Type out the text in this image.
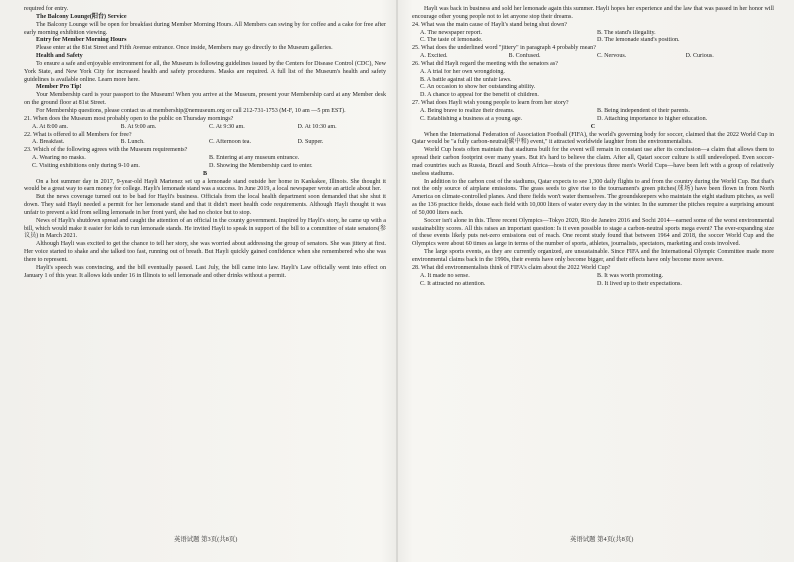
required for entry.

The Balcony Lounge(阳台) Service

The Balcony Lounge will be open for breakfast during Member Morning Hours. All Members can swing by for coffee and a cake for free after early morning exhibition viewing.

Entry for Member Morning Hours

Please enter at the 81st Street and Fifth Avenue entrance. Once inside, Members may go directly to the Museum galleries.

Health and Safety

To ensure a safe and enjoyable environment for all, the Museum is following guidelines issued by the Centers for Disease Control (CDC), New York State, and New York City for increased health and safety procedures. Masks are required. A full list of the Museum's health and safety guidelines is available online. Learn more here.

Member Pro Tip!

Your Membership card is your passport to the Museum! When you arrive at the Museum, present your Membership card at any Member desk on the ground floor at 81st Street.

For Membership questions, please contact us at membership@nemuseum.org or call 212-731-1753 (M-F, 10 am —5 pm EST).

21. When does the Museum most probably open to the public on Thursday mornings?

A. At 8:00 am.	B. At 9:00 am.	C. At 9:30 am.	D. At 10:30 am.

22. What is offered to all Members for free?

A. Breakfast.	B. Lunch.	C. Afternoon tea.	D. Supper.

23. Which of the following agrees with the Museum requirements?

A. Wearing no masks.	B. Entering at any museum entrance.
C. Visiting exhibitions only during 9-10 am.	D. Showing the Membership card to enter.

B

On a hot summer day in 2017, 9-year-old Hayli Martenez set up a lemonade stand outside her home in Kankakee, Illinois. She thought it would be a great way to earn money for college. Hayli's lemonade stand was a success. In June 2019, a local newspaper wrote an article about her.

But the news coverage turned out to be bad for Hayli's business. Officials from the local health department soon demanded that she shut it down. They said Hayli needed a permit for her lemonade stand and that it didn't meet health code requirements. Although Hayli thought it was unfair to prevent a kid from selling lemonade in her front yard, she had no choice but to stop.

News of Hayli's shutdown spread and caught the attention of an official in the county government. Inspired by Hayli's story, he came up with a bill, which would make it easier for kids to run lemonade stands. He invited Hayli to speak in support of the bill to a committee of state senators(参议员) in March 2021.

Although Hayli was excited to get the chance to tell her story, she was worried about addressing the group of senators. She was jittery at first. Her voice started to shake and she talked too fast, running out of breath. But Hayli quickly gained confidence when she remembered who she was there to represent.

Hayli's speech was convincing, and the bill eventually passed. Last July, the bill came into law. Hayli's Law officially went into effect on January 1 of this year. It allows kids under 16 in Illinois to sell lemonade and other drinks without a permit.

英语试题 第3页(共8页)

Hayli was back in business and sold her lemonade again this summer. Hayli hopes her experience and the law that was passed in her honor will encourage other young people not to let anyone stop their dreams.

24. What was the main cause of Hayli's stand being shut down?

A. The newspaper report.	B. The stand's illegality.
C. The taste of lemonade.	D. The lemonade stand's position.

25. What does the underlined word "jittery" in paragraph 4 probably mean?

A. Excited.	B. Confused.	C. Nervous.	D. Curious.

26. What did Hayli regard the meeting with the senators as?

A. A trial for her own wrongdoing.
B. A battle against all the unfair laws.
C. An occasion to show her outstanding ability.
D. A chance to appeal for the benefit of children.

27. What does Hayli wish young people to learn from her story?

A. Being brave to realize their dreams.	B. Being independent of their parents.
C. Establishing a business at a young age.	D. Attaching importance to higher education.

C

When the International Federation of Association Football (FIFA), the world's governing body for soccer, claimed that the 2022 World Cup in Qatar would be "a fully carbon-neutral(碳中和) event," it attracted worldwide laughter from the environmentalists.

World Cup hosts often maintain that stadiums built for the event will remain in constant use after its conclusion—a claim that allows them to spread their carbon footprint over many years. But it's hard to believe the claim. After all, Qatari soccer culture is still undeveloped. Even soccer-mad countries such as Russia, Brazil and South Africa—hosts of the previous three men's World Cups—have been left with a group of relatively useless stadiums.

In addition to the carbon cost of the stadiums, Qatar expects to see 1,300 daily flights to and from the country during the World Cup. But that's not the only source of airplane emissions. The grass seeds to give rise to the tournament's green pitches(球场) have been flown in from North America on climate-controlled planes. And there fields won't water themselves. The groundskeepers who maintain the eight stadium pitches, as well as the 136 practice fields, douse each field with 10,000 liters of water every day in the winter. In the summer the pitches require a surprising amount of 50,000 liters each.

Soccer isn't alone in this. Three recent Olympics—Tokyo 2020, Rio de Janeiro 2016 and Sochi 2014—earned some of the worst environmental sustainability scores. All this raises an important question: Is it even possible to stage a carbon-neutral sports mega event? The ever-expanding size of these events likely puts net-zero emissions out of reach. One recent study found that between 1964 and 2018, the soccer World Cup and the Olympics were about 60 times as large in terms of the number of sports, athletes, journalists, spectators, marketing and costs involved.

The large sports events, as they are currently organized, are unsustainable. Since FIFA and the International Olympic Committee made more environmental claims back in the 1990s, their events have only become bigger, and their effects have only become more severe.

28. What did environmentalists think of FIFA's claim about the 2022 World Cup?

A. It made no sense.	B. It was worth promoting.
C. It attracted no attention.	D. It lived up to their expectations.
英语试题 第4页(共8页)
